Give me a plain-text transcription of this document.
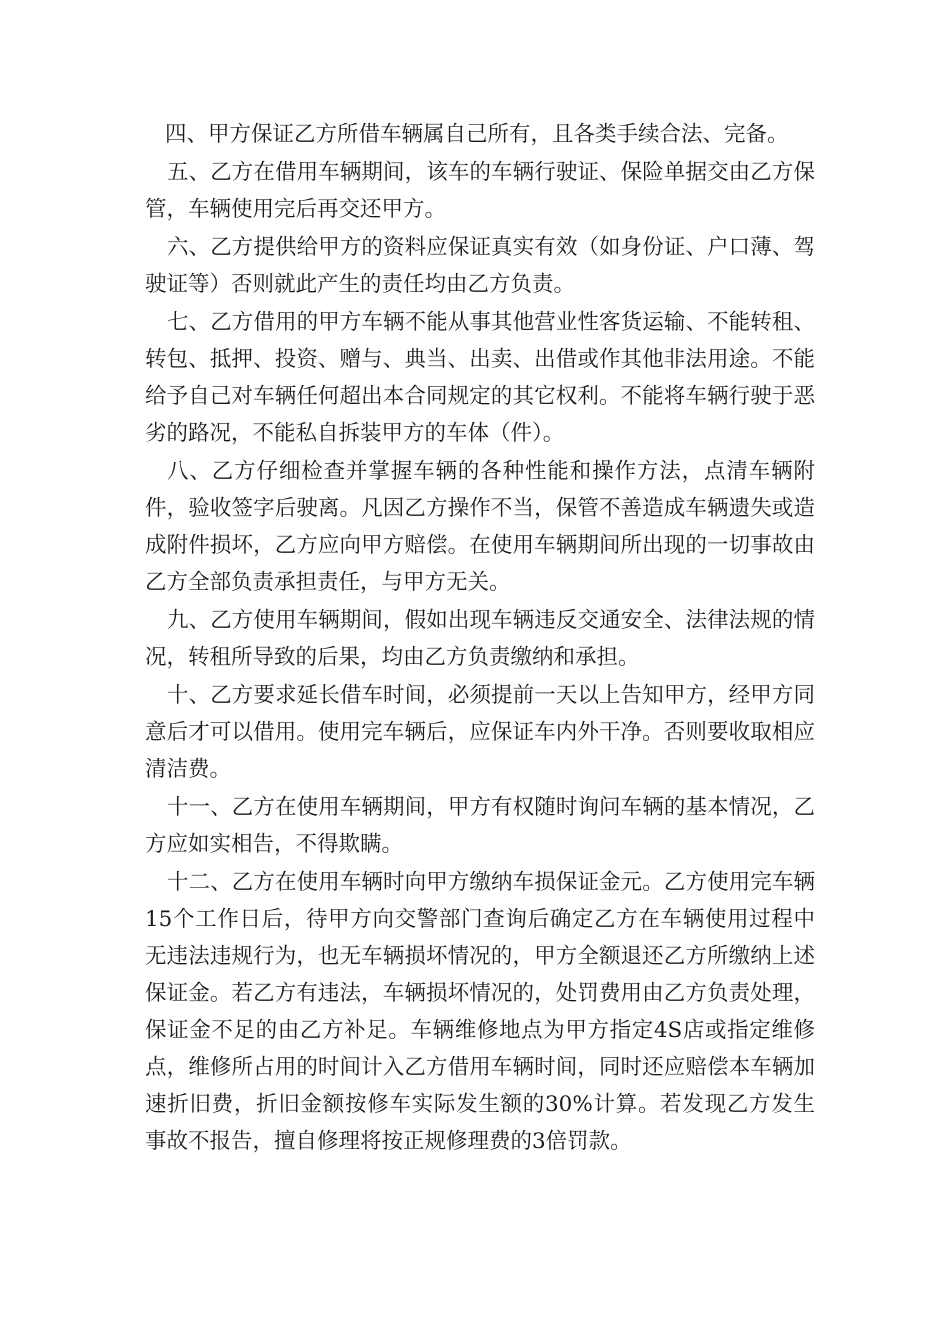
四、甲方保证乙方所借车辆属自己所有，且各类手续合法、完备。

五、乙方在借用车辆期间，该车的车辆行驶证、保险单据交由乙方保管，车辆使用完后再交还甲方。

六、乙方提供给甲方的资料应保证真实有效（如身份证、户口薄、驾驶证等）否则就此产生的责任均由乙方负责。

七、乙方借用的甲方车辆不能从事其他营业性客货运输、不能转租、转包、抵押、投资、赠与、典当、出卖、出借或作其他非法用途。不能给予自己对车辆任何超出本合同规定的其它权利。不能将车辆行驶于恶劣的路况，不能私自拆装甲方的车体（件）。

八、乙方仔细检查并掌握车辆的各种性能和操作方法，点清车辆附件，验收签字后驶离。凡因乙方操作不当，保管不善造成车辆遗失或造成附件损坏，乙方应向甲方赔偿。在使用车辆期间所出现的一切事故由乙方全部负责承担责任，与甲方无关。

九、乙方使用车辆期间，假如出现车辆违反交通安全、法律法规的情况，转租所导致的后果，均由乙方负责缴纳和承担。

十、乙方要求延长借车时间，必须提前一天以上告知甲方，经甲方同意后才可以借用。使用完车辆后，应保证车内外干净。否则要收取相应清洁费。

十一、乙方在使用车辆期间，甲方有权随时询问车辆的基本情况，乙方应如实相告，不得欺瞒。

十二、乙方在使用车辆时向甲方缴纳车损保证金元。乙方使用完车辆15个工作日后，待甲方向交警部门查询后确定乙方在车辆使用过程中无违法违规行为，也无车辆损坏情况的，甲方全额退还乙方所缴纳上述保证金。若乙方有违法，车辆损坏情况的，处罚费用由乙方负责处理，保证金不足的由乙方补足。车辆维修地点为甲方指定4S店或指定维修点，维修所占用的时间计入乙方借用车辆时间，同时还应赔偿本车辆加速折旧费，折旧金额按修车实际发生额的30%计算。若发现乙方发生事故不报告，擅自修理将按正规修理费的3倍罚款。
